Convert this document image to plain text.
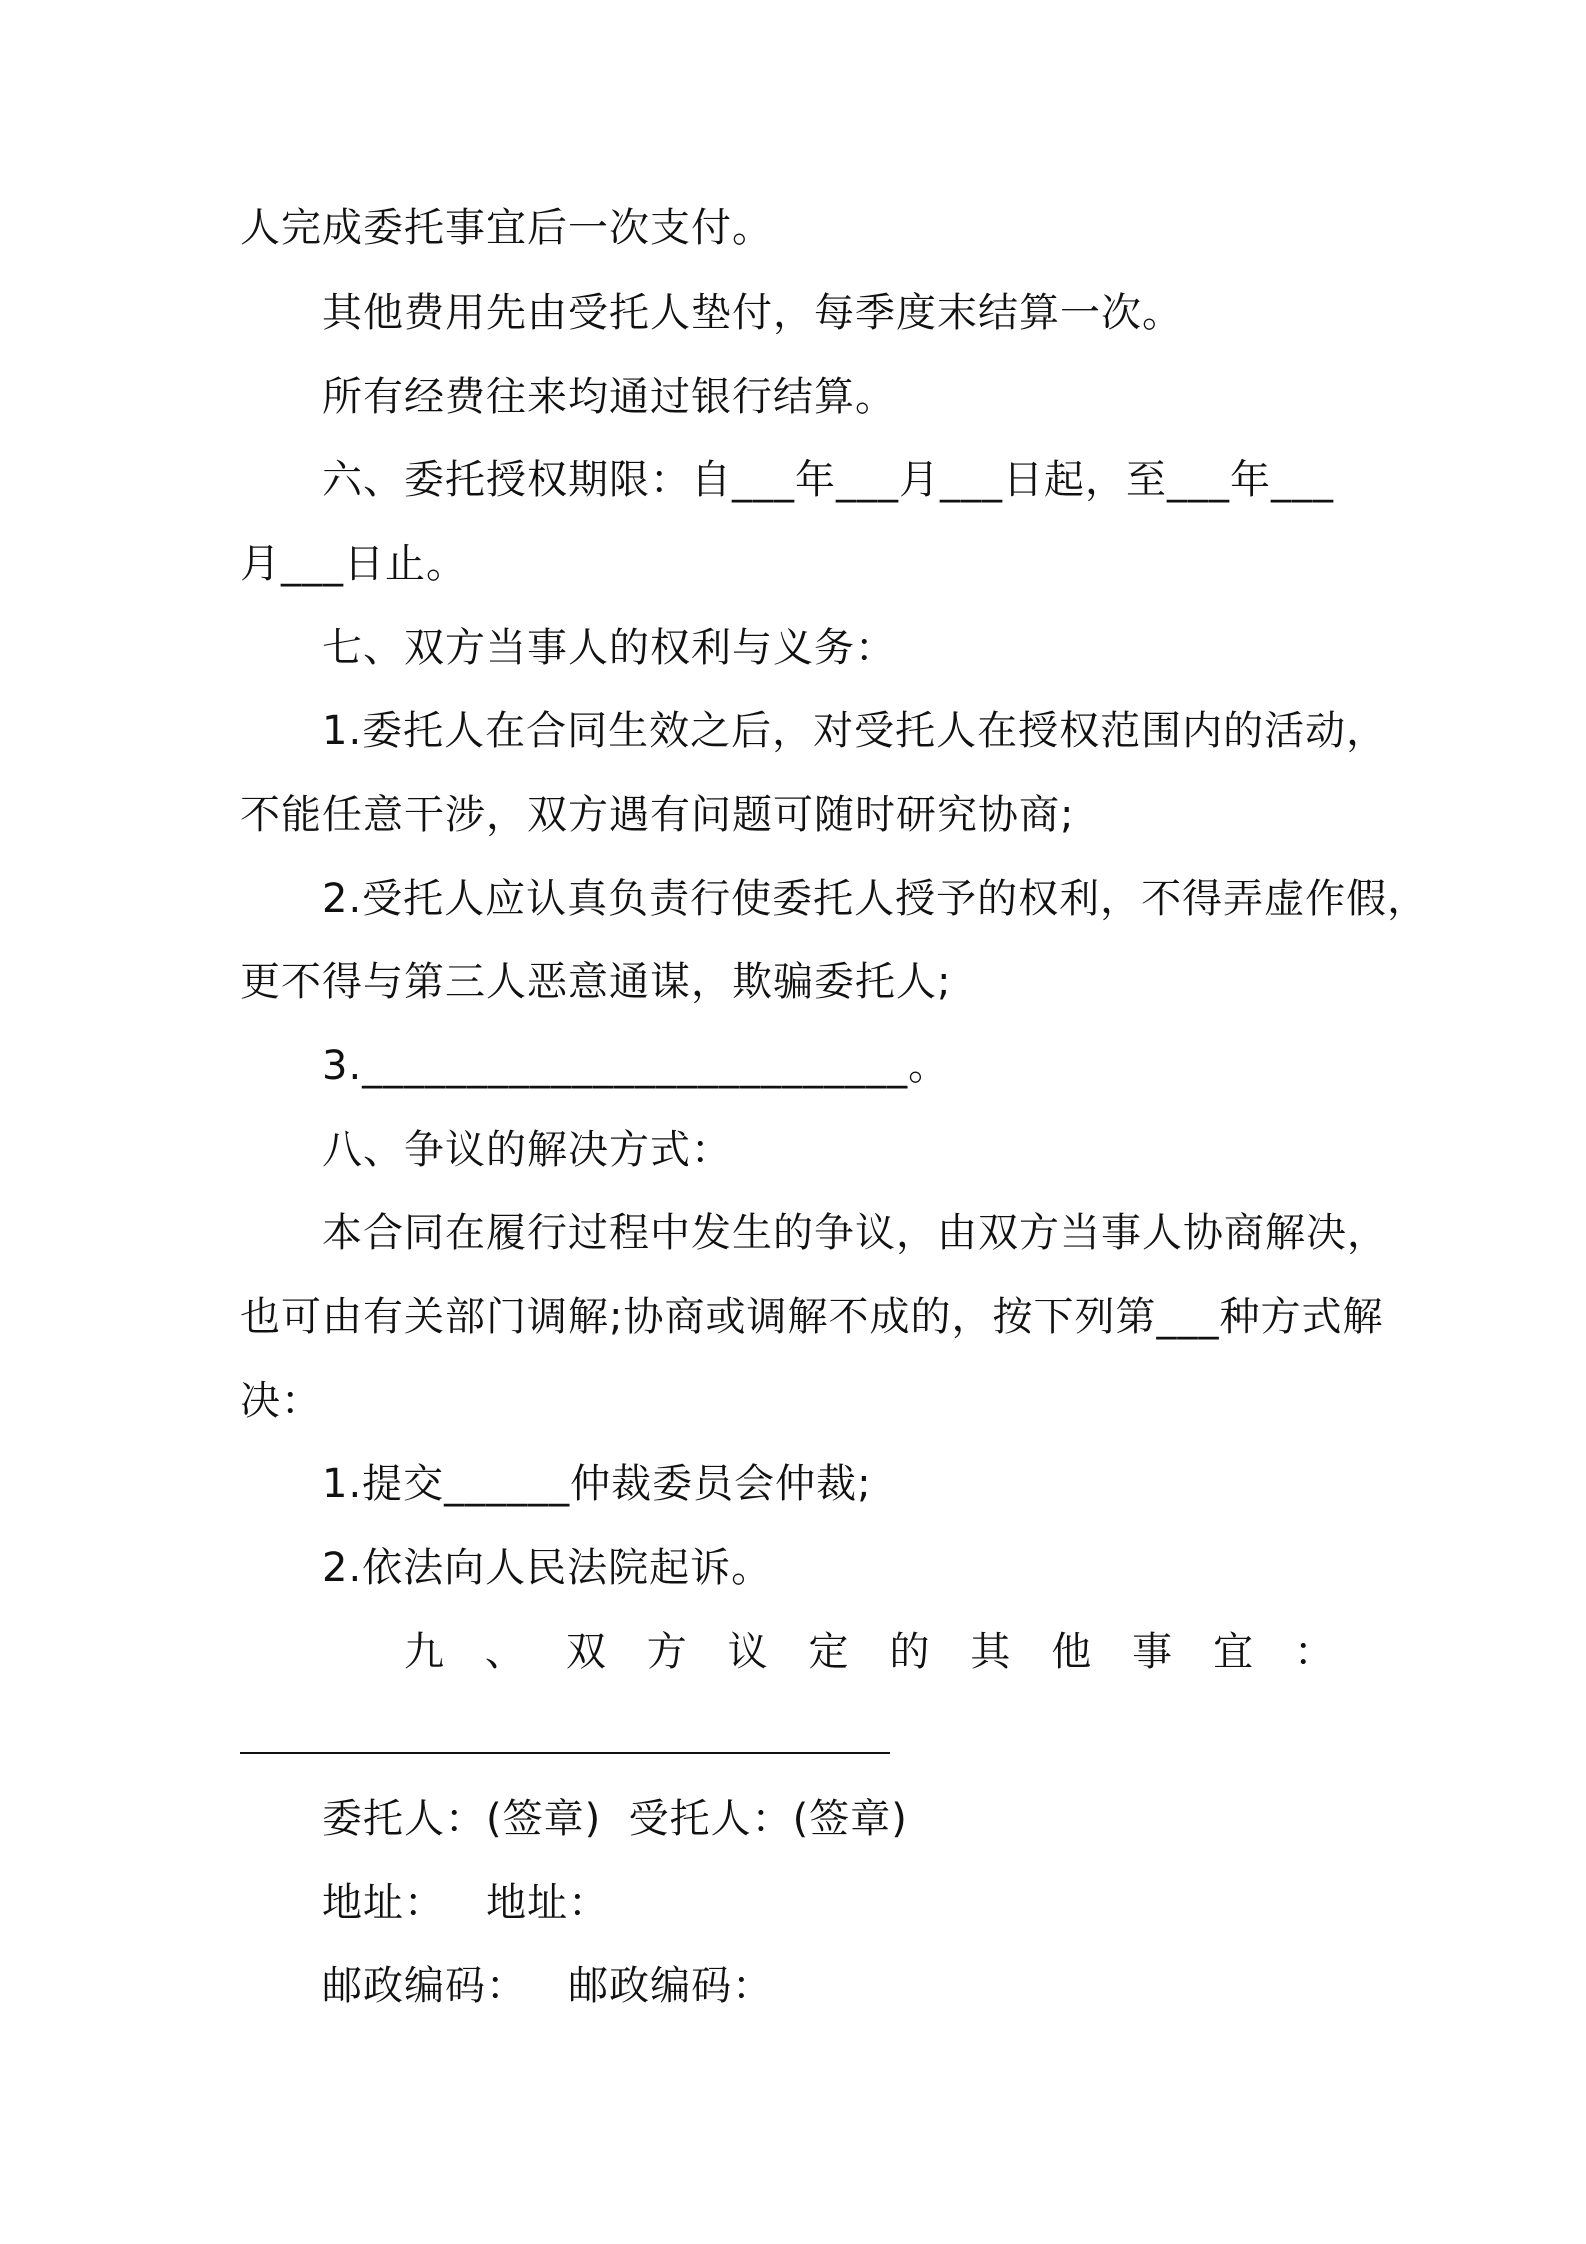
人完成委托事宜后一次支付。
其他费用先由受托人垫付，每季度末结算一次。
所有经费往来均通过银行结算。
六、委托授权期限：自___年___月___日起，至___年___
月___日止。
七、双方当事人的权利与义务：
1.委托人在合同生效之后，对受托人在授权范围内的活动，
不能任意干涉，双方遇有问题可随时研究协商;
2.受托人应认真负责行使委托人授予的权利，不得弄虚作假，
更不得与第三人恶意通谋，欺骗委托人;
3.__________________________。
八、争议的解决方式：
本合同在履行过程中发生的争议，由双方当事人协商解决，
也可由有关部门调解;协商或调解不成的，按下列第___种方式解
决：
1.提交______仲裁委员会仲裁;
2.依法向人民法院起诉。
九 、 双 方 议 定 的 其 他 事 宜 ：
委托人：(签章)  受托人：(签章)
地址：   地址：
邮政编码：   邮政编码：
